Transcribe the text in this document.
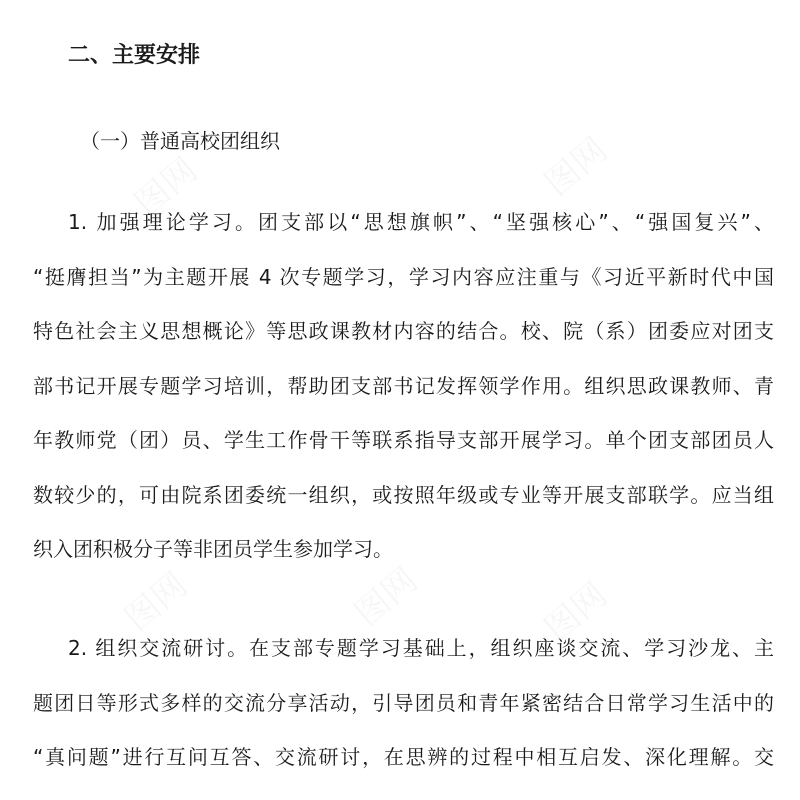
二、主要安排
（一）普通高校团组织
1. 加强理论学习。团支部以“思想旗帜”、“坚强核心”、“强国复兴”、
“挺膺担当”为主题开展 4 次专题学习，学习内容应注重与《习近平新时代中国
特色社会主义思想概论》等思政课教材内容的结合。校、院（系）团委应对团支
部书记开展专题学习培训，帮助团支部书记发挥领学作用。组织思政课教师、青
年教师党（团）员、学生工作骨干等联系指导支部开展学习。单个团支部团员人
数较少的，可由院系团委统一组织，或按照年级或专业等开展支部联学。应当组
织入团积极分子等非团员学生参加学习。
2. 组织交流研讨。在支部专题学习基础上，组织座谈交流、学习沙龙、主
题团日等形式多样的交流分享活动，引导团员和青年紧密结合日常学习生活中的
“真问题”进行互问互答、交流研讨，在思辨的过程中相互启发、深化理解。交
